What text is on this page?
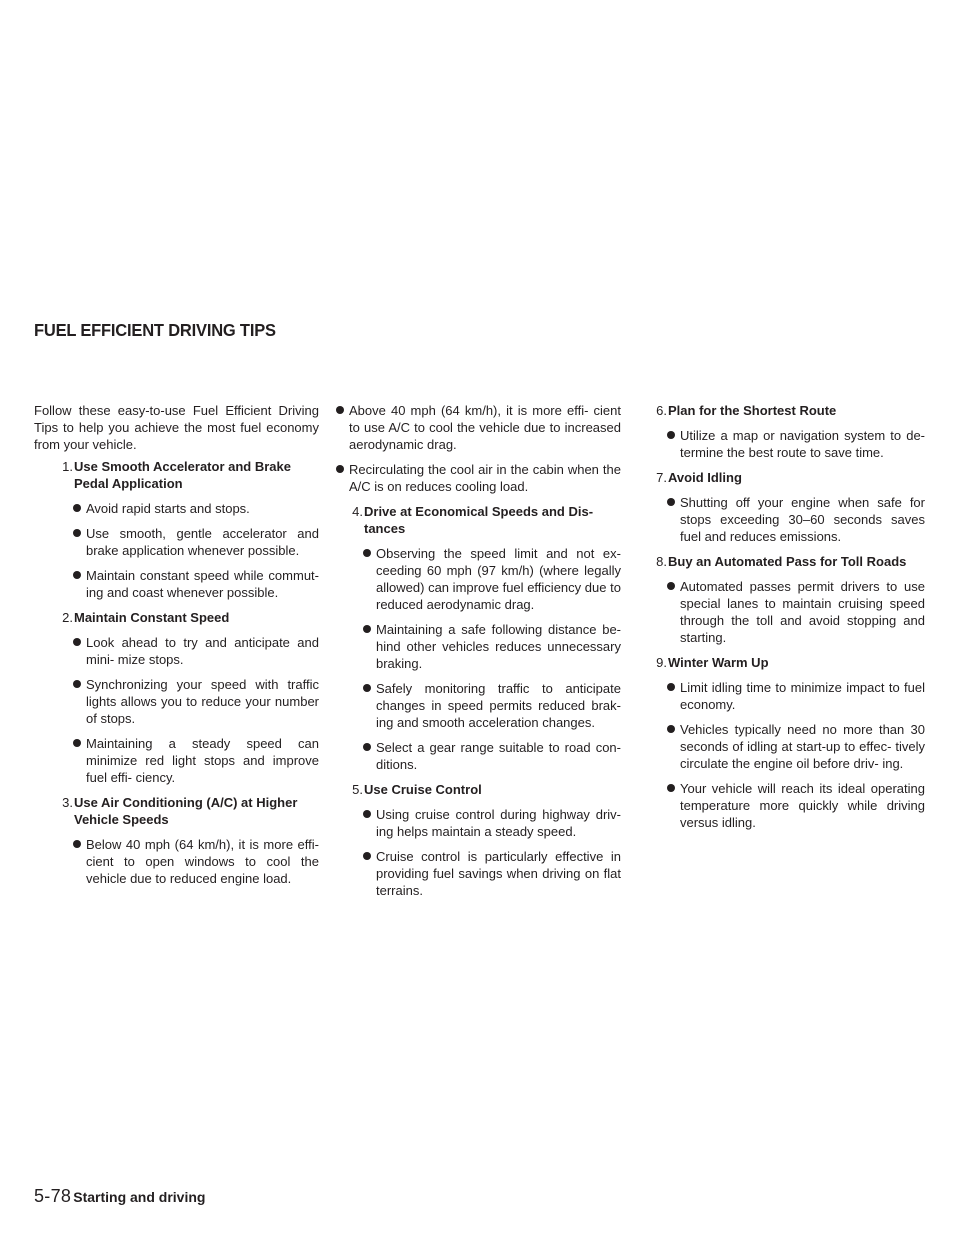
FUEL EFFICIENT DRIVING TIPS

Follow these easy-to-use Fuel Efficient Driving Tips to help you achieve the most fuel economy from your vehicle.

1. Use Smooth Accelerator and Brake Pedal Application
Avoid rapid starts and stops.
Use smooth, gentle accelerator and brake application whenever possible.
Maintain constant speed while commut- ing and coast whenever possible.
2. Maintain Constant Speed
Look ahead to try and anticipate and mini- mize stops.
Synchronizing your speed with traffic lights allows you to reduce your number of stops.
Maintaining a steady speed can minimize red light stops and improve fuel effi- ciency.
3. Use Air Conditioning (A/C) at Higher Vehicle Speeds
Below 40 mph (64 km/h), it is more effi- cient to open windows to cool the vehicle due to reduced engine load.
Above 40 mph (64 km/h), it is more effi- cient to use A/C to cool the vehicle due to increased aerodynamic drag.
Recirculating the cool air in the cabin when the A/C is on reduces cooling load.
4. Drive at Economical Speeds and Dis- tances
Observing the speed limit and not ex- ceeding 60 mph (97 km/h) (where legally allowed) can improve fuel efficiency due to reduced aerodynamic drag.
Maintaining a safe following distance be- hind other vehicles reduces unnecessary braking.
Safely monitoring traffic to anticipate changes in speed permits reduced brak- ing and smooth acceleration changes.
Select a gear range suitable to road con- ditions.
5. Use Cruise Control
Using cruise control during highway driv- ing helps maintain a steady speed.
Cruise control is particularly effective in providing fuel savings when driving on flat terrains.
6. Plan for the Shortest Route
Utilize a map or navigation system to de- termine the best route to save time.
7. Avoid Idling
Shutting off your engine when safe for stops exceeding 30–60 seconds saves fuel and reduces emissions.
8. Buy an Automated Pass for Toll Roads
Automated passes permit drivers to use special lanes to maintain cruising speed through the toll and avoid stopping and starting.
9. Winter Warm Up
Limit idling time to minimize impact to fuel economy.
Vehicles typically need no more than 30 seconds of idling at start-up to effec- tively circulate the engine oil before driv- ing.
Your vehicle will reach its ideal operating temperature more quickly while driving versus idling.
5-78 Starting and driving
